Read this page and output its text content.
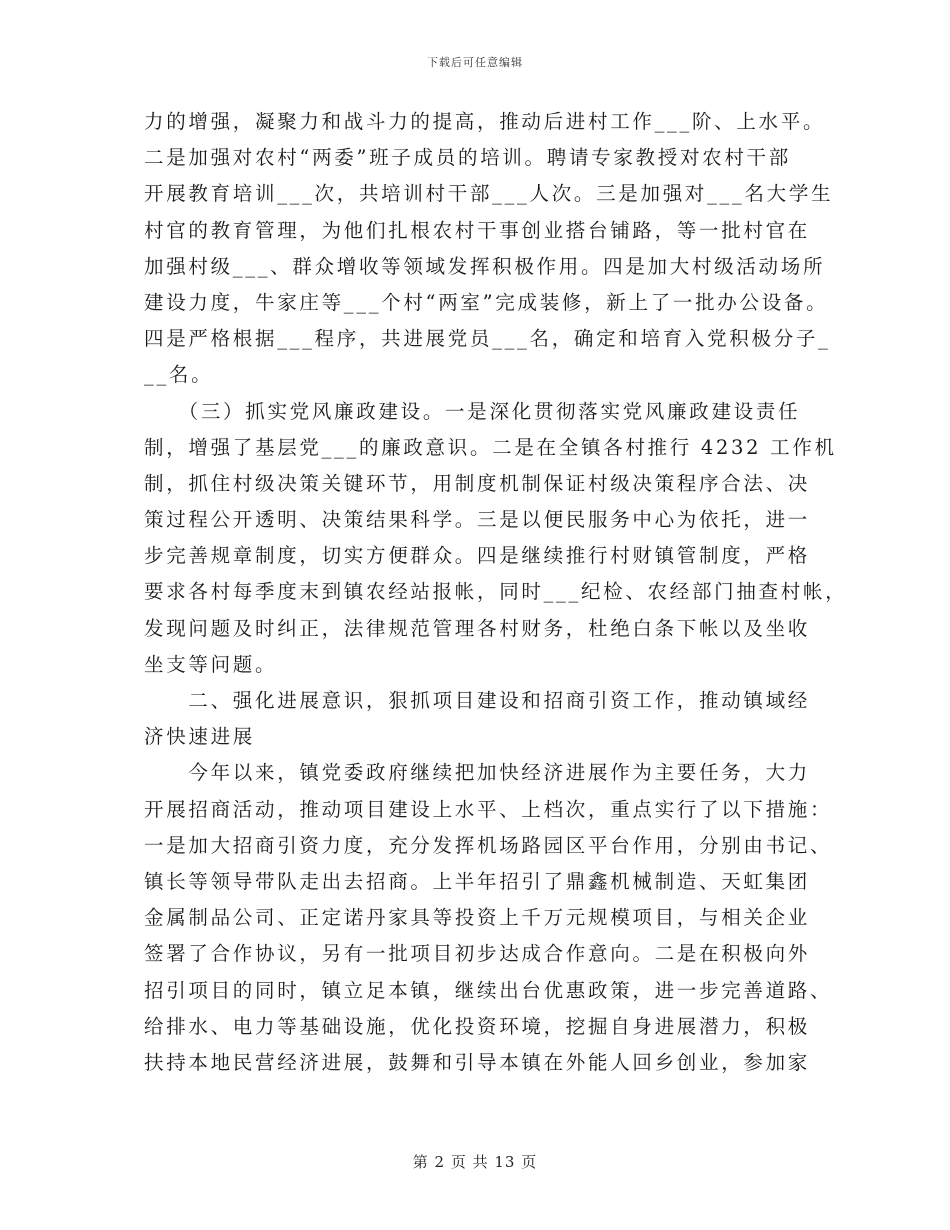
下载后可任意编辑
力的增强，凝聚力和战斗力的提高，推动后进村工作___阶、上水平。
二是加强对农村“两委”班子成员的培训。聘请专家教授对农村干部
开展教育培训___次，共培训村干部___人次。三是加强对___名大学生
村官的教育管理，为他们扎根农村干事创业搭台铺路，等一批村官在
加强村级___、群众增收等领域发挥积极作用。四是加大村级活动场所
建设力度，牛家庄等___个村“两室”完成装修，新上了一批办公设备。
四是严格根据___程序，共进展党员___名，确定和培育入党积极分子_
__名。
　　（三）抓实党风廉政建设。一是深化贯彻落实党风廉政建设责任
制，增强了基层党___的廉政意识。二是在全镇各村推行 4232 工作机
制，抓住村级决策关键环节，用制度机制保证村级决策程序合法、决
策过程公开透明、决策结果科学。三是以便民服务中心为依托，进一
步完善规章制度，切实方便群众。四是继续推行村财镇管制度，严格
要求各村每季度末到镇农经站报帐，同时___纪检、农经部门抽查村帐，
发现问题及时纠正，法律规范管理各村财务，杜绝白条下帐以及坐收
坐支等问题。
　　二、强化进展意识，狠抓项目建设和招商引资工作，推动镇域经
济快速进展
　　今年以来，镇党委政府继续把加快经济进展作为主要任务，大力
开展招商活动，推动项目建设上水平、上档次，重点实行了以下措施：
一是加大招商引资力度，充分发挥机场路园区平台作用，分别由书记、
镇长等领导带队走出去招商。上半年招引了鼎鑫机械制造、天虹集团
金属制品公司、正定诺丹家具等投资上千万元规模项目，与相关企业
签署了合作协议，另有一批项目初步达成合作意向。二是在积极向外
招引项目的同时，镇立足本镇，继续出台优惠政策，进一步完善道路、
给排水、电力等基础设施，优化投资环境，挖掘自身进展潜力，积极
扶持本地民营经济进展，鼓舞和引导本镇在外能人回乡创业，参加家
第 2 页 共 13 页
